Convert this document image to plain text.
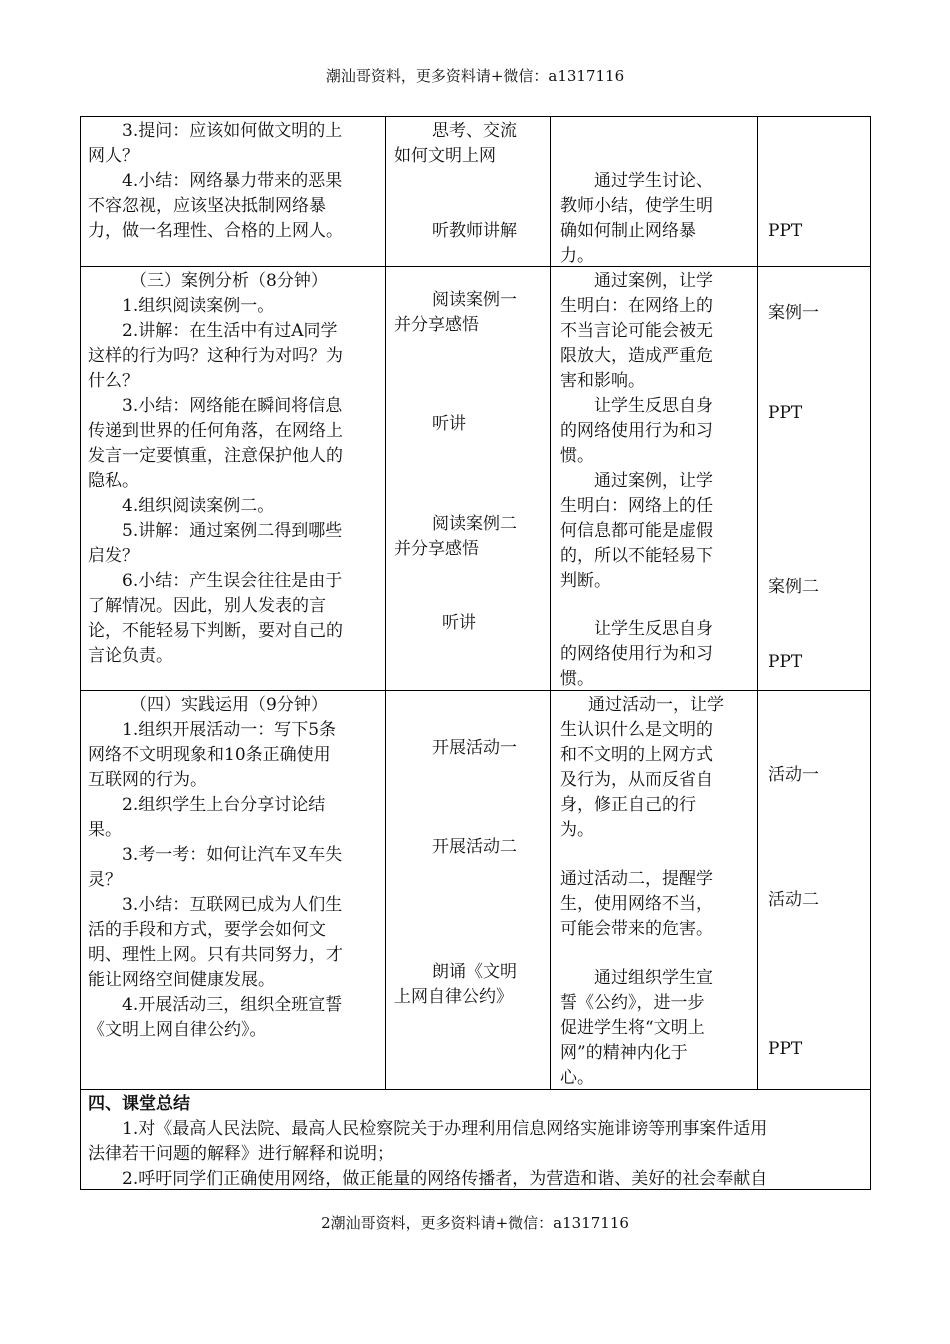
潮汕哥资料，更多资料请+微信：a1317116
3.提问：应该如何做文明的上
网人？
4.小结：网络暴力带来的恶果
不容忽视，应该坚决抵制网络暴
力，做一名理性、合格的上网人。
思考、交流
如何文明上网
听教师讲解
通过学生讨论、
教师小结，使学生明
确如何制止网络暴
力。
PPT
（三）案例分析（8分钟）
1.组织阅读案例一。
2.讲解：在生活中有过A同学
这样的行为吗？这种行为对吗？为
什么？
3.小结：网络能在瞬间将信息
传递到世界的任何角落，在网络上
发言一定要慎重，注意保护他人的
隐私。
4.组织阅读案例二。
5.讲解：通过案例二得到哪些
启发？
6.小结：产生误会往往是由于
了解情况。因此，别人发表的言
论，不能轻易下判断，要对自己的
言论负责。
阅读案例一
并分享感悟
听讲
阅读案例二
并分享感悟
听讲
通过案例，让学
生明白：在网络上的
不当言论可能会被无
限放大，造成严重危
害和影响。
让学生反思自身
的网络使用行为和习
惯。
通过案例，让学
生明白：网络上的任
何信息都可能是虚假
的，所以不能轻易下
判断。
让学生反思自身
的网络使用行为和习
惯。
案例一
PPT
案例二
PPT
（四）实践运用（9分钟）
1.组织开展活动一：写下5条
网络不文明现象和10条正确使用
互联网的行为。
2.组织学生上台分享讨论结
果。
3.考一考：如何让汽车叉车失
灵？
3.小结：互联网已成为人们生
活的手段和方式，要学会如何文
明、理性上网。只有共同努力，才
能让网络空间健康发展。
4.开展活动三，组织全班宣誓
《文明上网自律公约》。
开展活动一
开展活动二
朗诵《文明
上网自律公约》
通过活动一，让学
生认识什么是文明的
和不文明的上网方式
及行为，从而反省自
身，修正自己的行
为。
通过活动二，提醒学
生，使用网络不当，
可能会带来的危害。
通过组织学生宣
誓《公约》，进一步
促进学生将“文明上
网”的精神内化于
心。
活动一
活动二
PPT
四、课堂总结
1.对《最高人民法院、最高人民检察院关于办理利用信息网络实施诽谤等刑事案件适用
法律若干问题的解释》进行解释和说明；
2.呼吁同学们正确使用网络，做正能量的网络传播者，为营造和谐、美好的社会奉献自
2潮汕哥资料，更多资料请+微信：a1317116
